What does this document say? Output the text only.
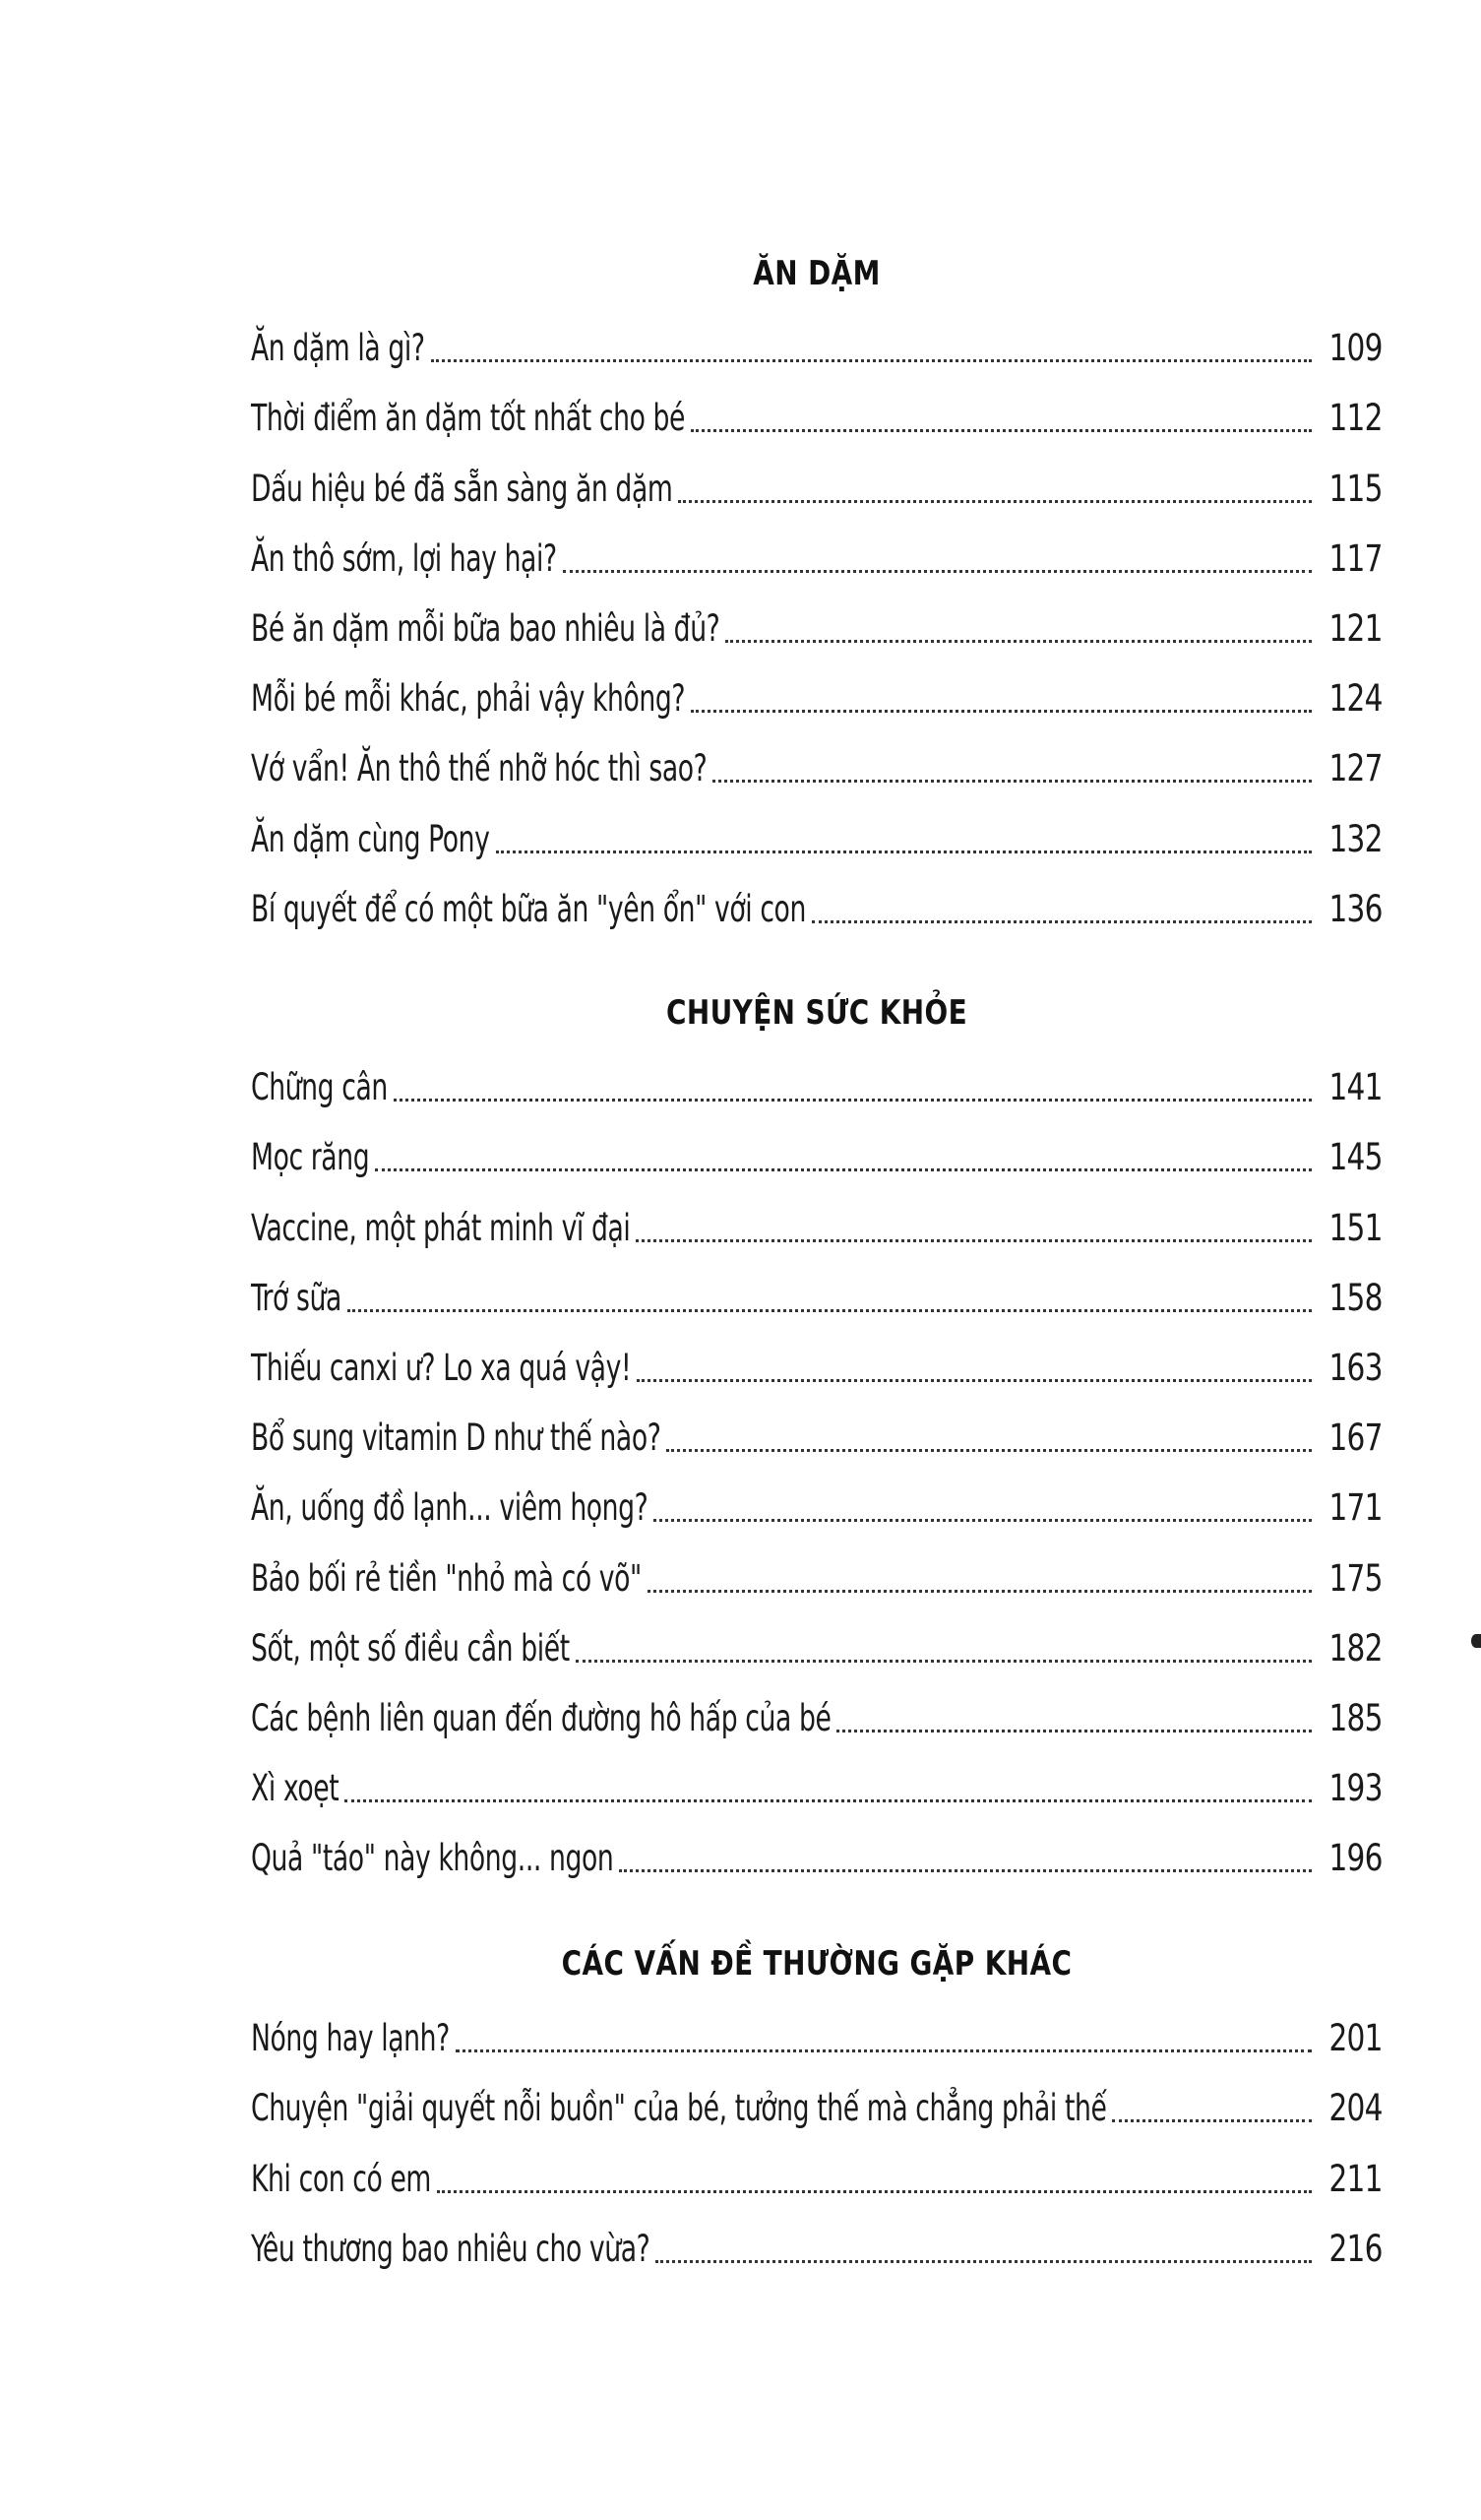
ĂN DẶM
Ăn dặm là gì?	109
Thời điểm ăn dặm tốt nhất cho bé	112
Dấu hiệu bé đã sẵn sàng ăn dặm	115
Ăn thô sớm, lợi hay hại?	117
Bé ăn dặm mỗi bữa bao nhiêu là đủ?	121
Mỗi bé mỗi khác, phải vậy không?	124
Vớ vẩn! Ăn thô thế nhỡ hóc thì sao?	127
Ăn dặm cùng Pony	132
Bí quyết để có một bữa ăn "yên ổn" với con	136
CHUYỆN SỨC KHỎE
Chững cân	141
Mọc răng	145
Vaccine, một phát minh vĩ đại	151
Trớ sữa	158
Thiếu canxi ư? Lo xa quá vậy!	163
Bổ sung vitamin D như thế nào?	167
Ăn, uống đồ lạnh... viêm họng?	171
Bảo bối rẻ tiền "nhỏ mà có võ"	175
Sốt, một số điều cần biết	182
Các bệnh liên quan đến đường hô hấp của bé	185
Xì xoẹt	193
Quả "táo" này không... ngon	196
CÁC VẤN ĐỀ THƯỜNG GẶP KHÁC
Nóng hay lạnh?	201
Chuyện "giải quyết nỗi buồn" của bé, tưởng thế mà chẳng phải thế	204
Khi con có em	211
Yêu thương bao nhiêu cho vừa?	216
